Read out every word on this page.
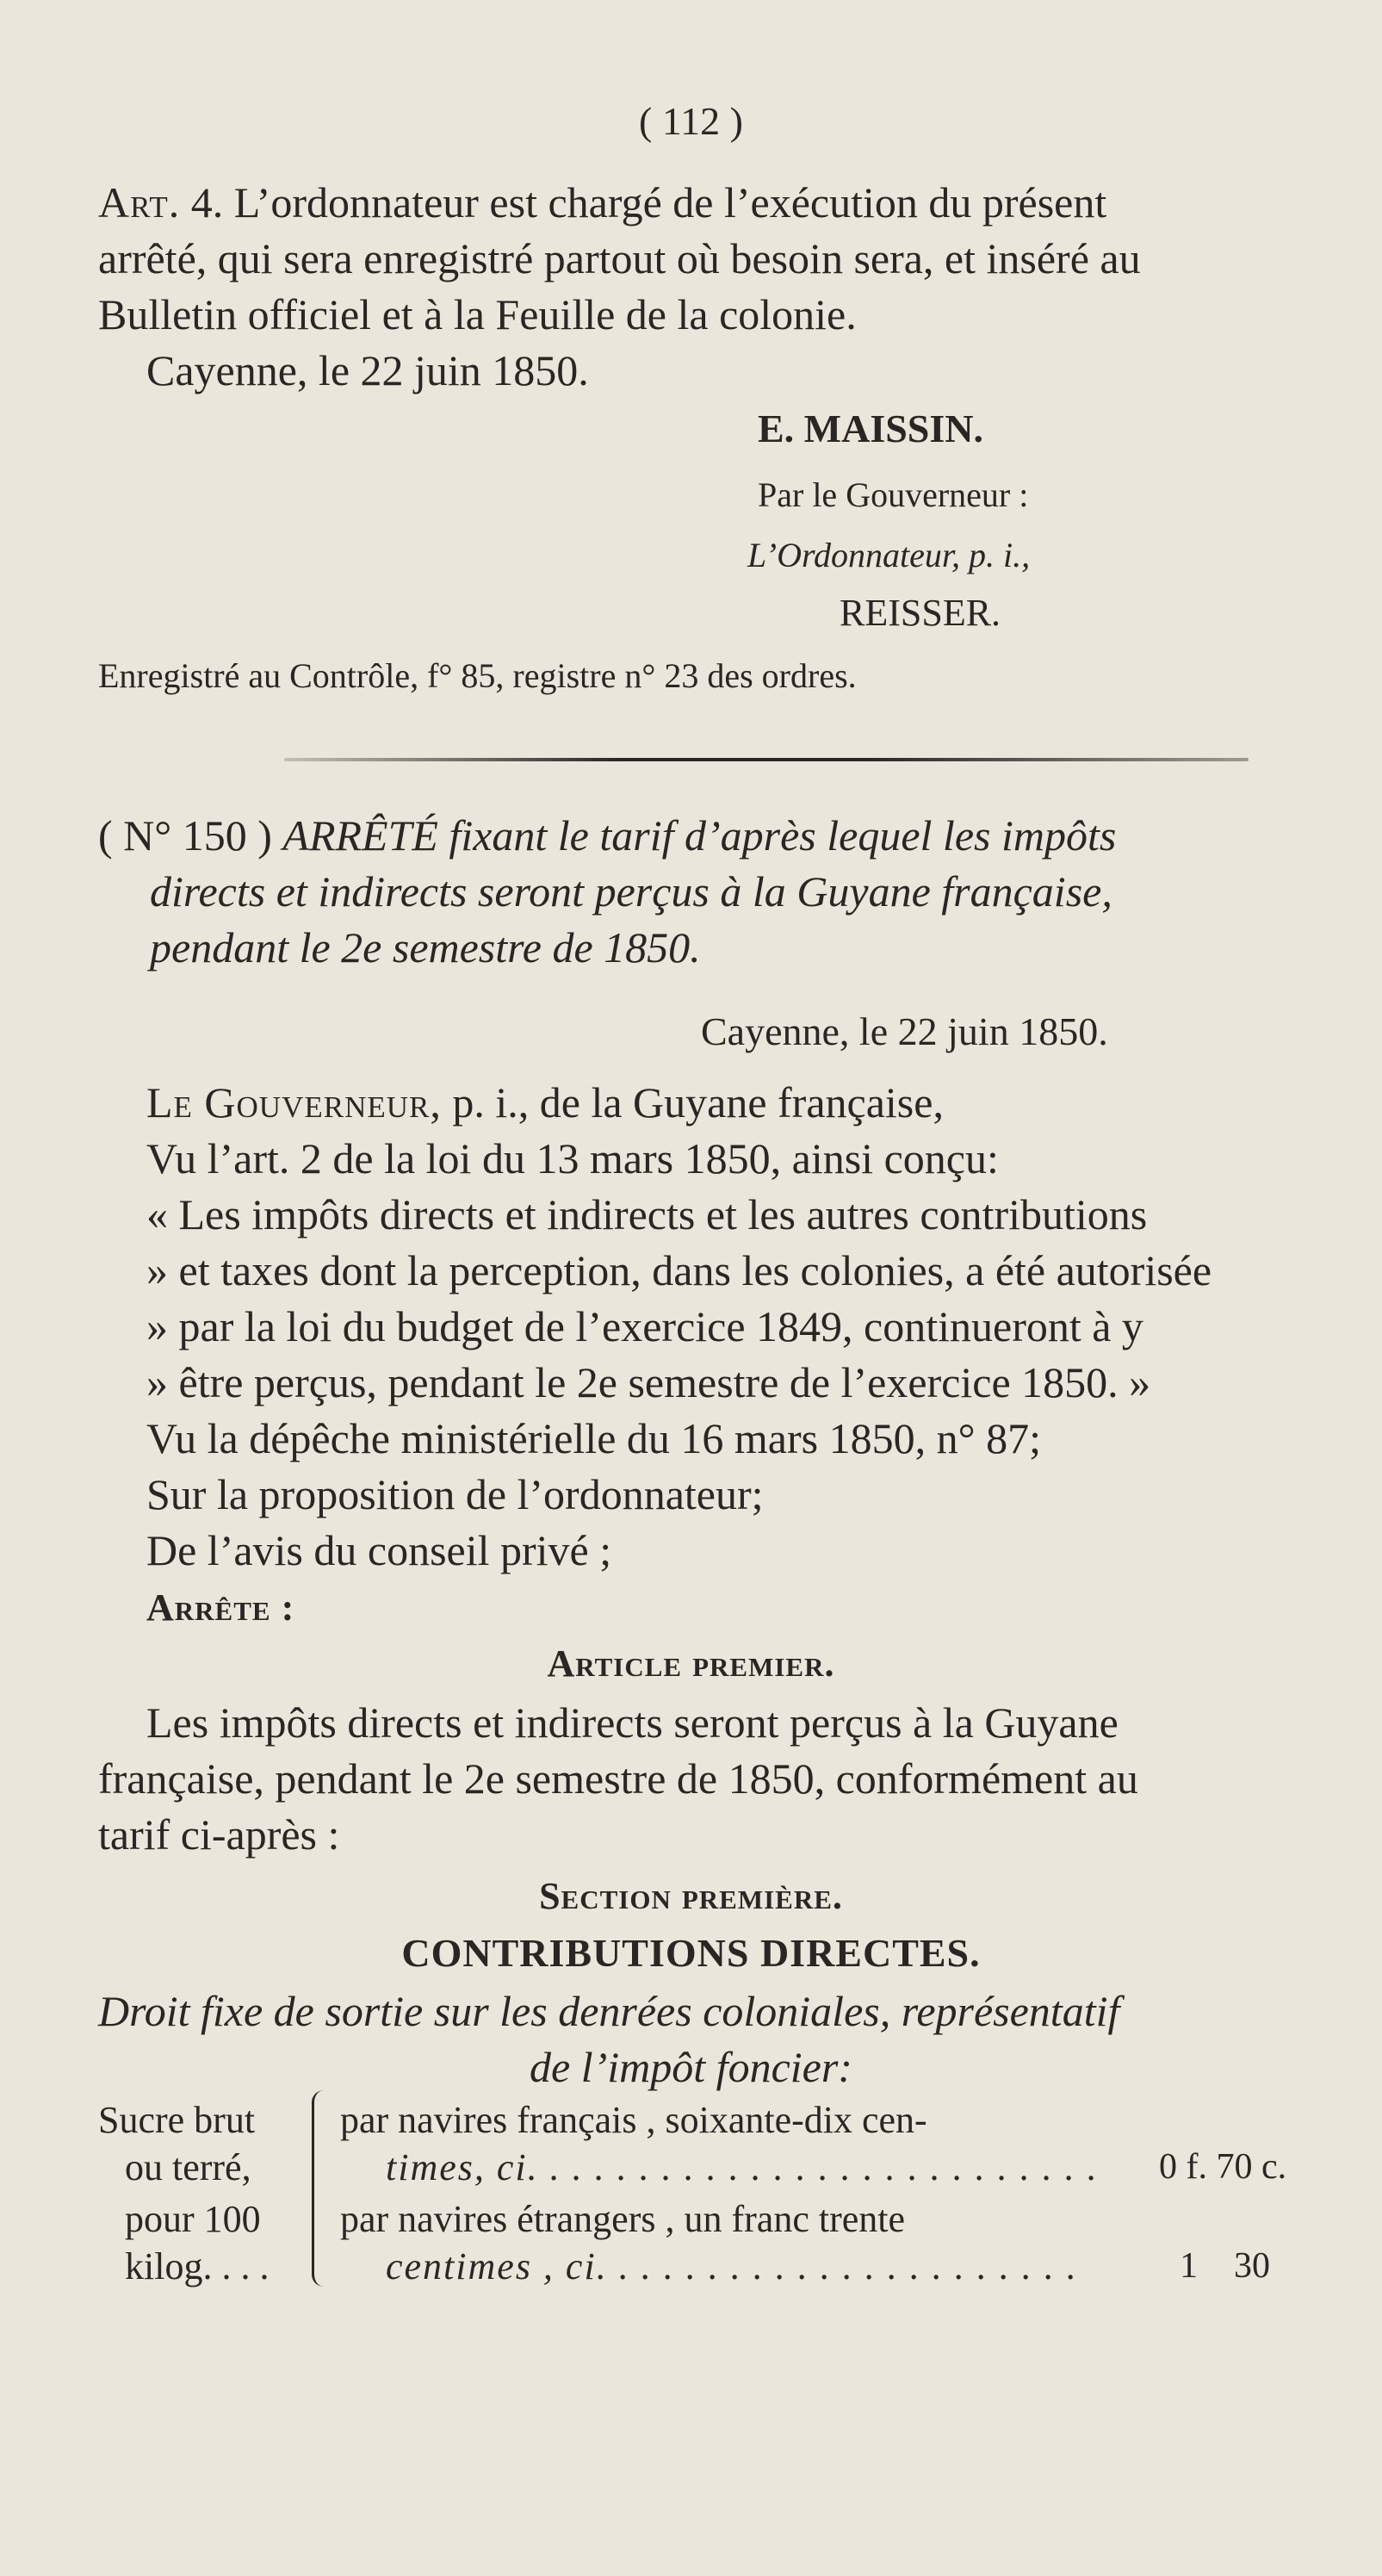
( 112 )
Art. 4. L’ordonnateur est chargé de l’exécution du présent
arrêté, qui sera enregistré partout où besoin sera, et inséré au
Bulletin officiel et à la Feuille de la colonie.
Cayenne, le 22 juin 1850.
E. MAISSIN.
Par le Gouverneur :
L’Ordonnateur, p. i.,
REISSER.
Enregistré au Contrôle, f° 85, registre n° 23 des ordres.
( N° 150 ) ARRÊTÉ fixant le tarif d’après lequel les impôts
directs et indirects seront perçus à la Guyane française,
pendant le 2e semestre de 1850.
Cayenne, le 22 juin 1850.
Le Gouverneur, p. i., de la Guyane française,
Vu l’art. 2 de la loi du 13 mars 1850, ainsi conçu:
« Les impôts directs et indirects et les autres contributions
» et taxes dont la perception, dans les colonies, a été autorisée
» par la loi du budget de l’exercice 1849, continueront à y
» être perçus, pendant le 2e semestre de l’exercice 1850. »
Vu la dépêche ministérielle du 16 mars 1850, n° 87;
Sur la proposition de l’ordonnateur;
De l’avis du conseil privé ;
Arrête :
Article premier.
Les impôts directs et indirects seront perçus à la Guyane
française, pendant le 2e semestre de 1850, conformément au
tarif ci-après :
Section première.
CONTRIBUTIONS DIRECTES.
Droit fixe de sortie sur les denrées coloniales, représentatif
de l’impôt foncier:
Sucre brut
ou terré,
pour 100
kilog. . . .
par navires français , soixante-dix cen-
times, ci. . . . . . . . . . . . . . . . . . . . . . . . . . 0 f. 70 c.
par navires étrangers , un franc trente
centimes , ci. . . . . . . . . . . . . . . . . . . . . .	1    30
